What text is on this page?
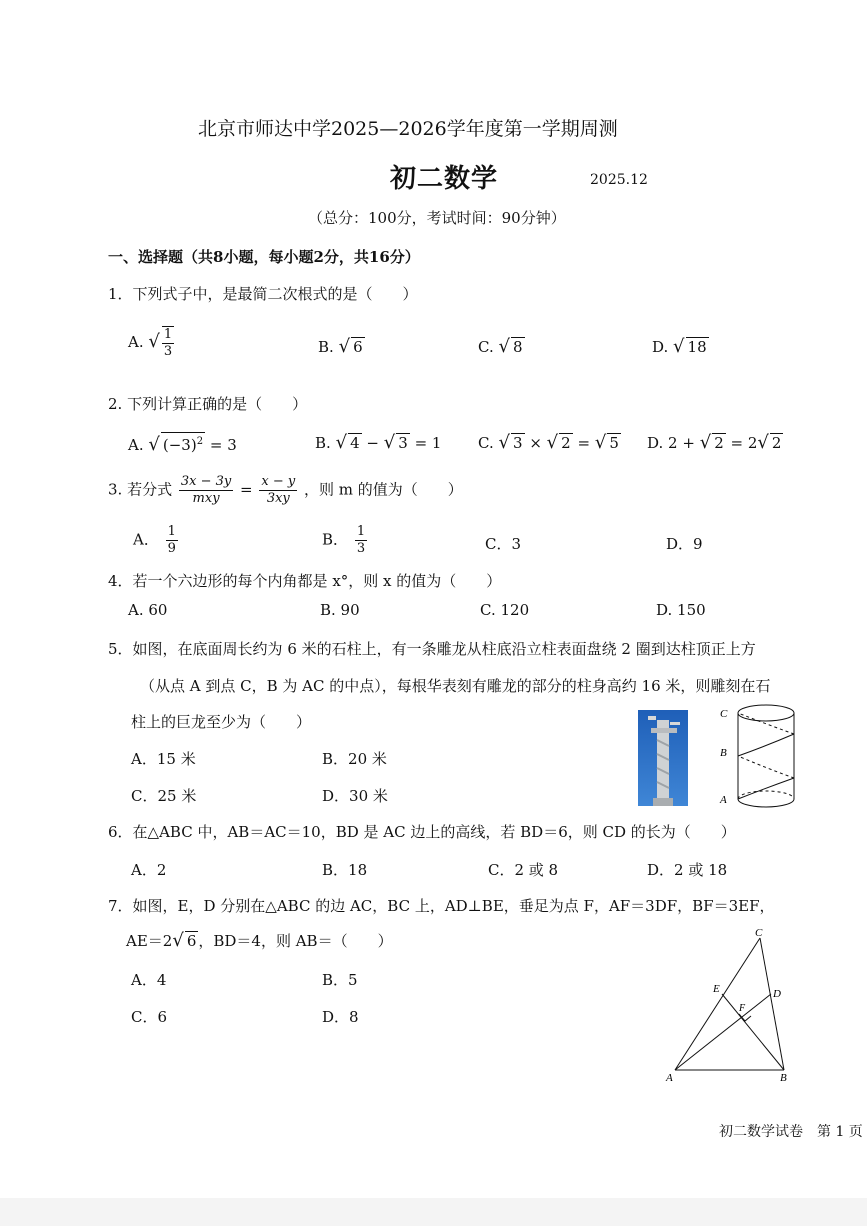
北京市师达中学2025—2026学年度第一学期周测
初二数学	2025.12
（总分：100分，考试时间：90分钟）
一、选择题（共8小题，每小题2分，共16分）
1．下列式子中，是最简二次根式的是（　　）
A. √ $\frac{1}{3}$	B. √ 6	C. √ 8	D. √ 18
2. 下列计算正确的是（　　）
A. √ $(-3)^2 = 3$	B. √ 4 − √ 3 = 1 C. √ 3 × √ 2 = √ 5 D. 2 + √ 2 = 2√ 2
3. 若分式 $\frac{3x - 3y}{\text{mxy}} = \frac{x - y}{3xy}$ ，则 m 的值为（　　）
A． $\frac{1}{9}$	B． $\frac{1}{3}$	C．3	D．9
4．若一个六边形的每个内角都是 x°，则 x 的值为（　　）
A. 60	B. 90	C. 120	D. 150
5．如图，在底面周长约为 6 米的石柱上，有一条雕龙从柱底沿立柱表面盘绕 2 圈到达柱顶正上方
（从点 A 到点 C，B 为 AC 的中点），每根华表刻有雕龙的部分的柱身高约 16 米，则雕刻在石
柱上的巨龙至少为（　　）
A．15 米	B．20 米
C．25 米	D．30 米
C
B
A
6．在△ABC 中，AB＝AC＝10，BD 是 AC 边上的高线，若 BD＝6，则 CD 的长为（　　）
A．2	B．18	C．2 或 8	D．2 或 18
7．如图，E，D 分别在△ABC 的边 AC，BC 上，AD⊥BE，垂足为点 F，AF＝3DF，BF＝3EF，
AE＝2√ 6 ，BD＝4，则 AB＝（　　）
A．4	B．5
C．6	D．8
C
E
F
D
A	B
初二数学试卷　第 1 页
